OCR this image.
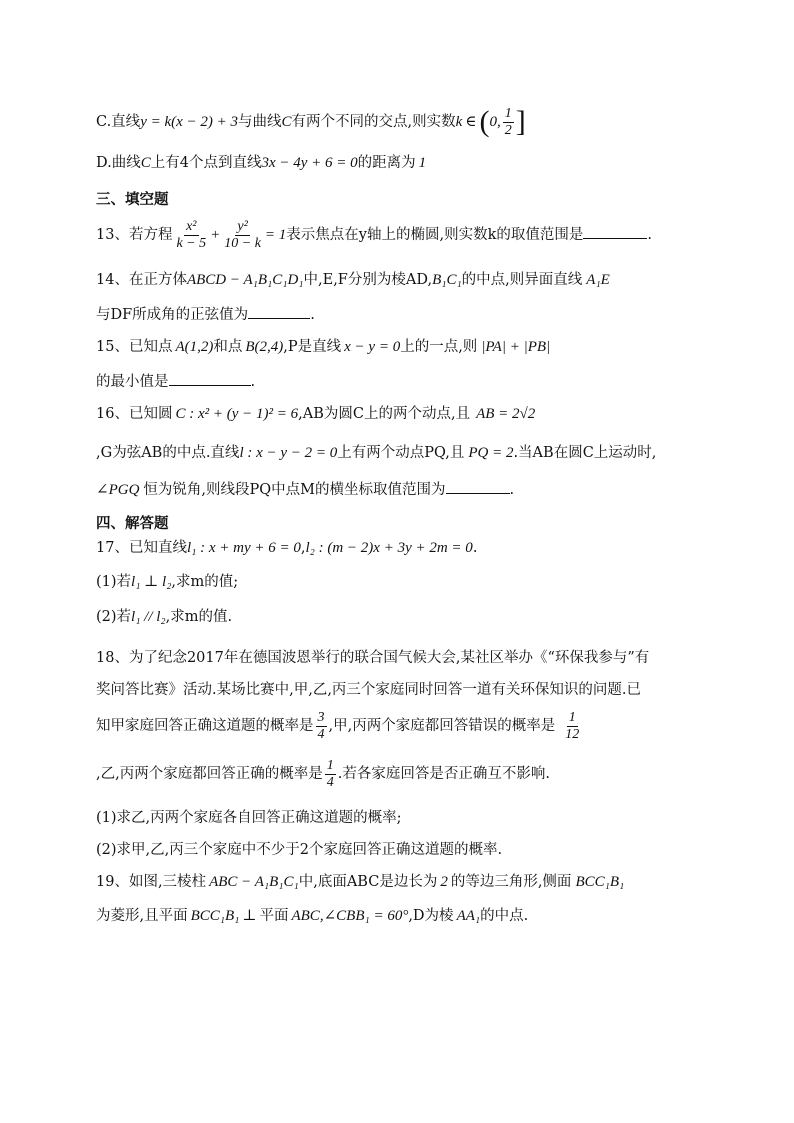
C.直线y = k(x − 2) + 3与曲线C有两个不同的交点,则实数k ∈ (0, $\frac{1}{2}$ ]
D.曲线C上有4个点到直线3x − 4y + 6 = 0的距离为 1
三、填空题
13、若方程 $\frac{\text{x²}}{k - 5} + \frac{\text{y²}}{10 - k} = 1$表示焦点在y轴上的椭圆,则实数k的取值范围是	.
14、在正方体ABCD − A₁B₁C₁D₁中,E,F分别为棱AD,B₁C₁的中点,则异面直线 A₁E
与DF所成角的正弦值为	.
15、已知点 A(1,2)和点 B(2,4),P是直线 x − y = 0上的一点,则 |PA| + |PB|
的最小值是	.
16、已知圆 C : x² + (y − 1)² = 6,AB为圆C上的两个动点,且 AB = 2√2
,G为弦AB的中点.直线l : x − y − 2 = 0上有两个动点PQ,且 PQ = 2.当AB在圆C上运动时,
∠PGQ 恒为锐角,则线段PQ中点M的横坐标取值范围为	.
四、解答题
17、已知直线l₁ : x + my + 6 = 0,l₂ : (m − 2)x + 3y + 2m = 0.
(1)若l₁ ⊥ l₂,求m的值;
(2)若l₁ // l₂,求m的值.
18、为了纪念2017年在德国波恩举行的联合国气候大会,某社区举办《“环保我参与”有
奖问答比赛》活动.某场比赛中,甲,乙,丙三个家庭同时回答一道有关环保知识的问题.已
知甲家庭回答正确这道题的概率是 $\frac{3}{4}$ ,甲,丙两个家庭都回答错误的概率是 $\frac{1}{12}$
,乙,丙两个家庭都回答正确的概率是 $\frac{1}{4}$ .若各家庭回答是否正确互不影响.
(1)求乙,丙两个家庭各自回答正确这道题的概率;
(2)求甲,乙,丙三个家庭中不少于2个家庭回答正确这道题的概率.
19、如图,三棱柱 ABC − A₁B₁C₁中,底面ABC是边长为 2 的等边三角形,侧面 BCC₁B₁
为菱形,且平面 BCC₁B₁ ⊥ 平面 ABC,∠CBB₁ = 60°,D为棱 AA₁的中点.
